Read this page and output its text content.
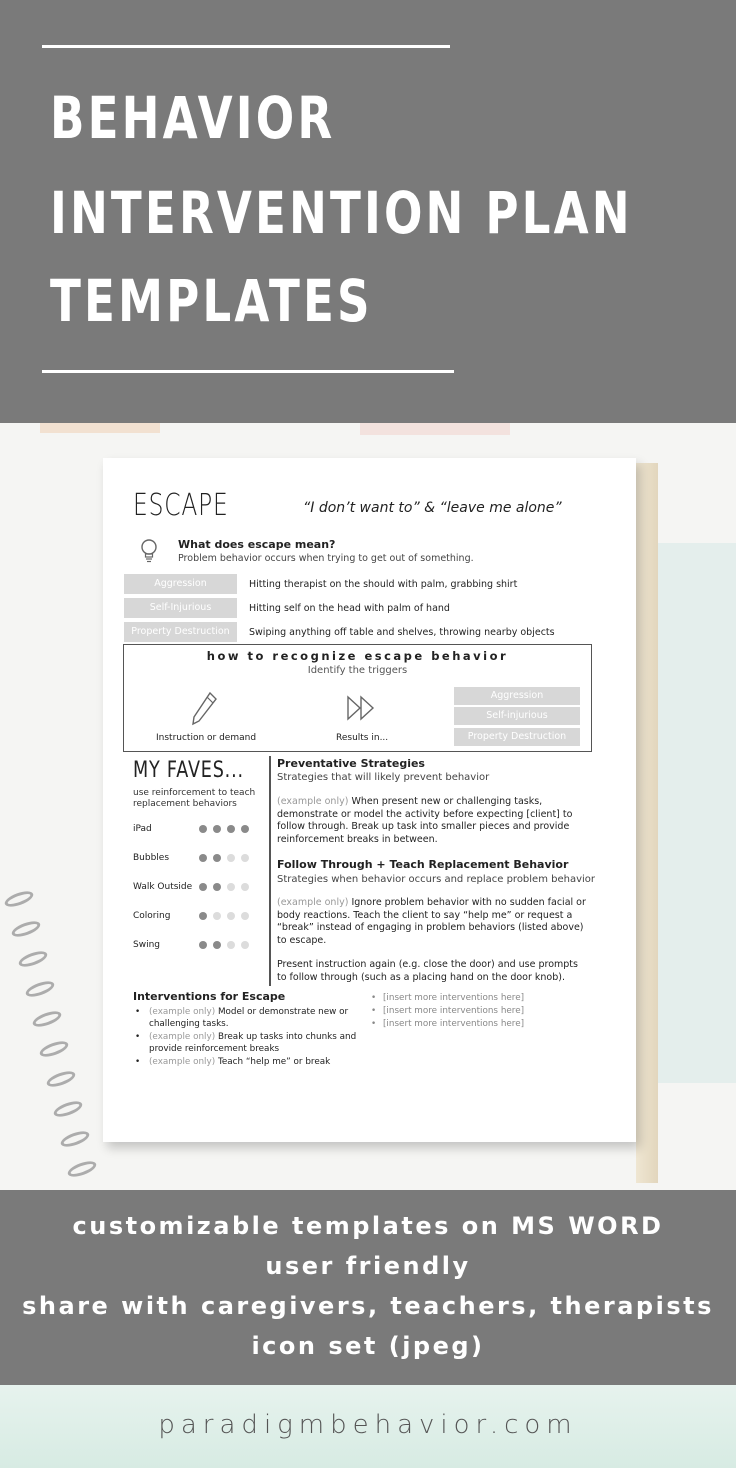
BEHAVIOR
INTERVENTION PLAN
TEMPLATES
ESCAPE	“I don’t want to” & “leave me alone”
What does escape mean?
Problem behavior occurs when trying to get out of something.
Aggression	Hitting therapist on the should with palm, grabbing shirt
Self-Injurious	Hitting self on the head with palm of hand
Property Destruction	Swiping anything off table and shelves, throwing nearby objects
how to recognize escape behavior
Identify the triggers
Instruction or demand	Results in...
Aggression
Self-injurious
Property Destruction
MY FAVES...
use reinforcement to teach replacement behaviors
iPad
Bubbles
Walk Outside
Coloring
Swing
Preventative Strategies
Strategies that will likely prevent behavior
(example only) When present new or challenging tasks, demonstrate or model the activity before expecting [client] to follow through. Break up task into smaller pieces and provide reinforcement breaks in between.
Follow Through + Teach Replacement Behavior
Strategies when behavior occurs and replace problem behavior
(example only) Ignore problem behavior with no sudden facial or body reactions. Teach the client to say “help me” or request a “break” instead of engaging in problem behaviors (listed above) to escape.
Present instruction again (e.g. close the door) and use prompts to follow through (such as a placing hand on the door knob).
Interventions for Escape
• (example only) Model or demonstrate new or challenging tasks.
• (example only) Break up tasks into chunks and provide reinforcement breaks
• (example only) Teach “help me” or break
• [insert more interventions here]
• [insert more interventions here]
• [insert more interventions here]
customizable templates on MS WORD
user friendly
share with caregivers, teachers, therapists
icon set (jpeg)
paradigmbehavior.com
